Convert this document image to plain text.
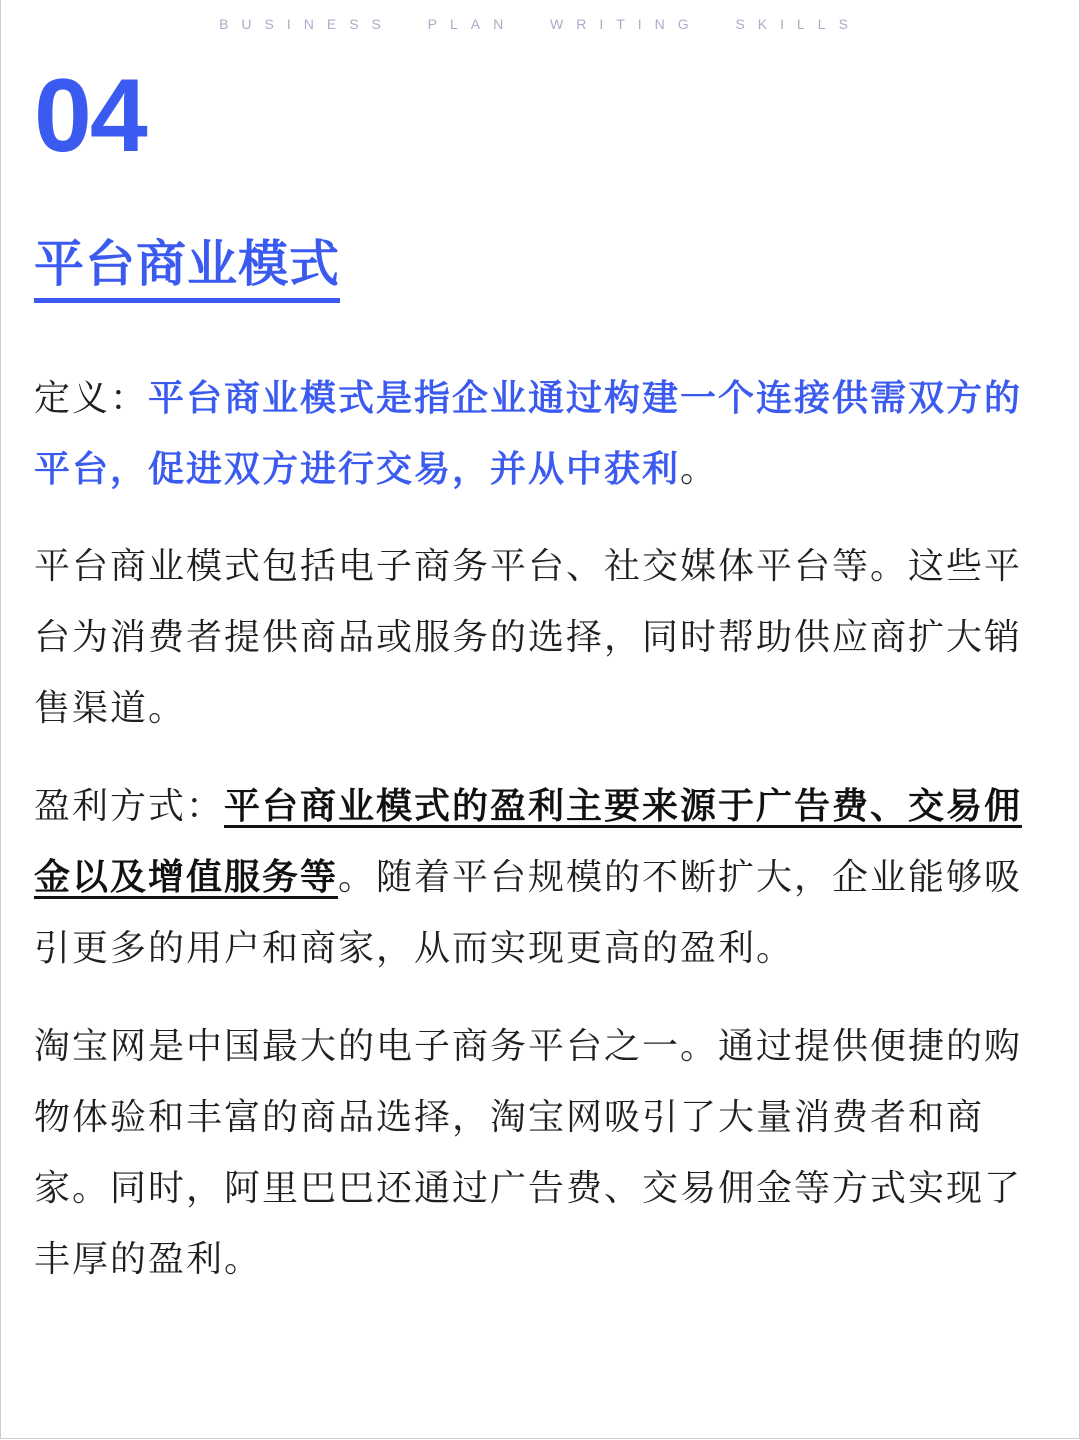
BUSINESS  PLAN  WRITING  SKILLS
04
平台商业模式

定义：平台商业模式是指企业通过构建一个连接供需双方的平台，促进双方进行交易，并从中获利。

平台商业模式包括电子商务平台、社交媒体平台等。这些平台为消费者提供商品或服务的选择，同时帮助供应商扩大销售渠道。

盈利方式：平台商业模式的盈利主要来源于广告费、交易佣金以及增值服务等。随着平台规模的不断扩大，企业能够吸引更多的用户和商家，从而实现更高的盈利。

淘宝网是中国最大的电子商务平台之一。通过提供便捷的购物体验和丰富的商品选择，淘宝网吸引了大量消费者和商家。同时，阿里巴巴还通过广告费、交易佣金等方式实现了丰厚的盈利。
